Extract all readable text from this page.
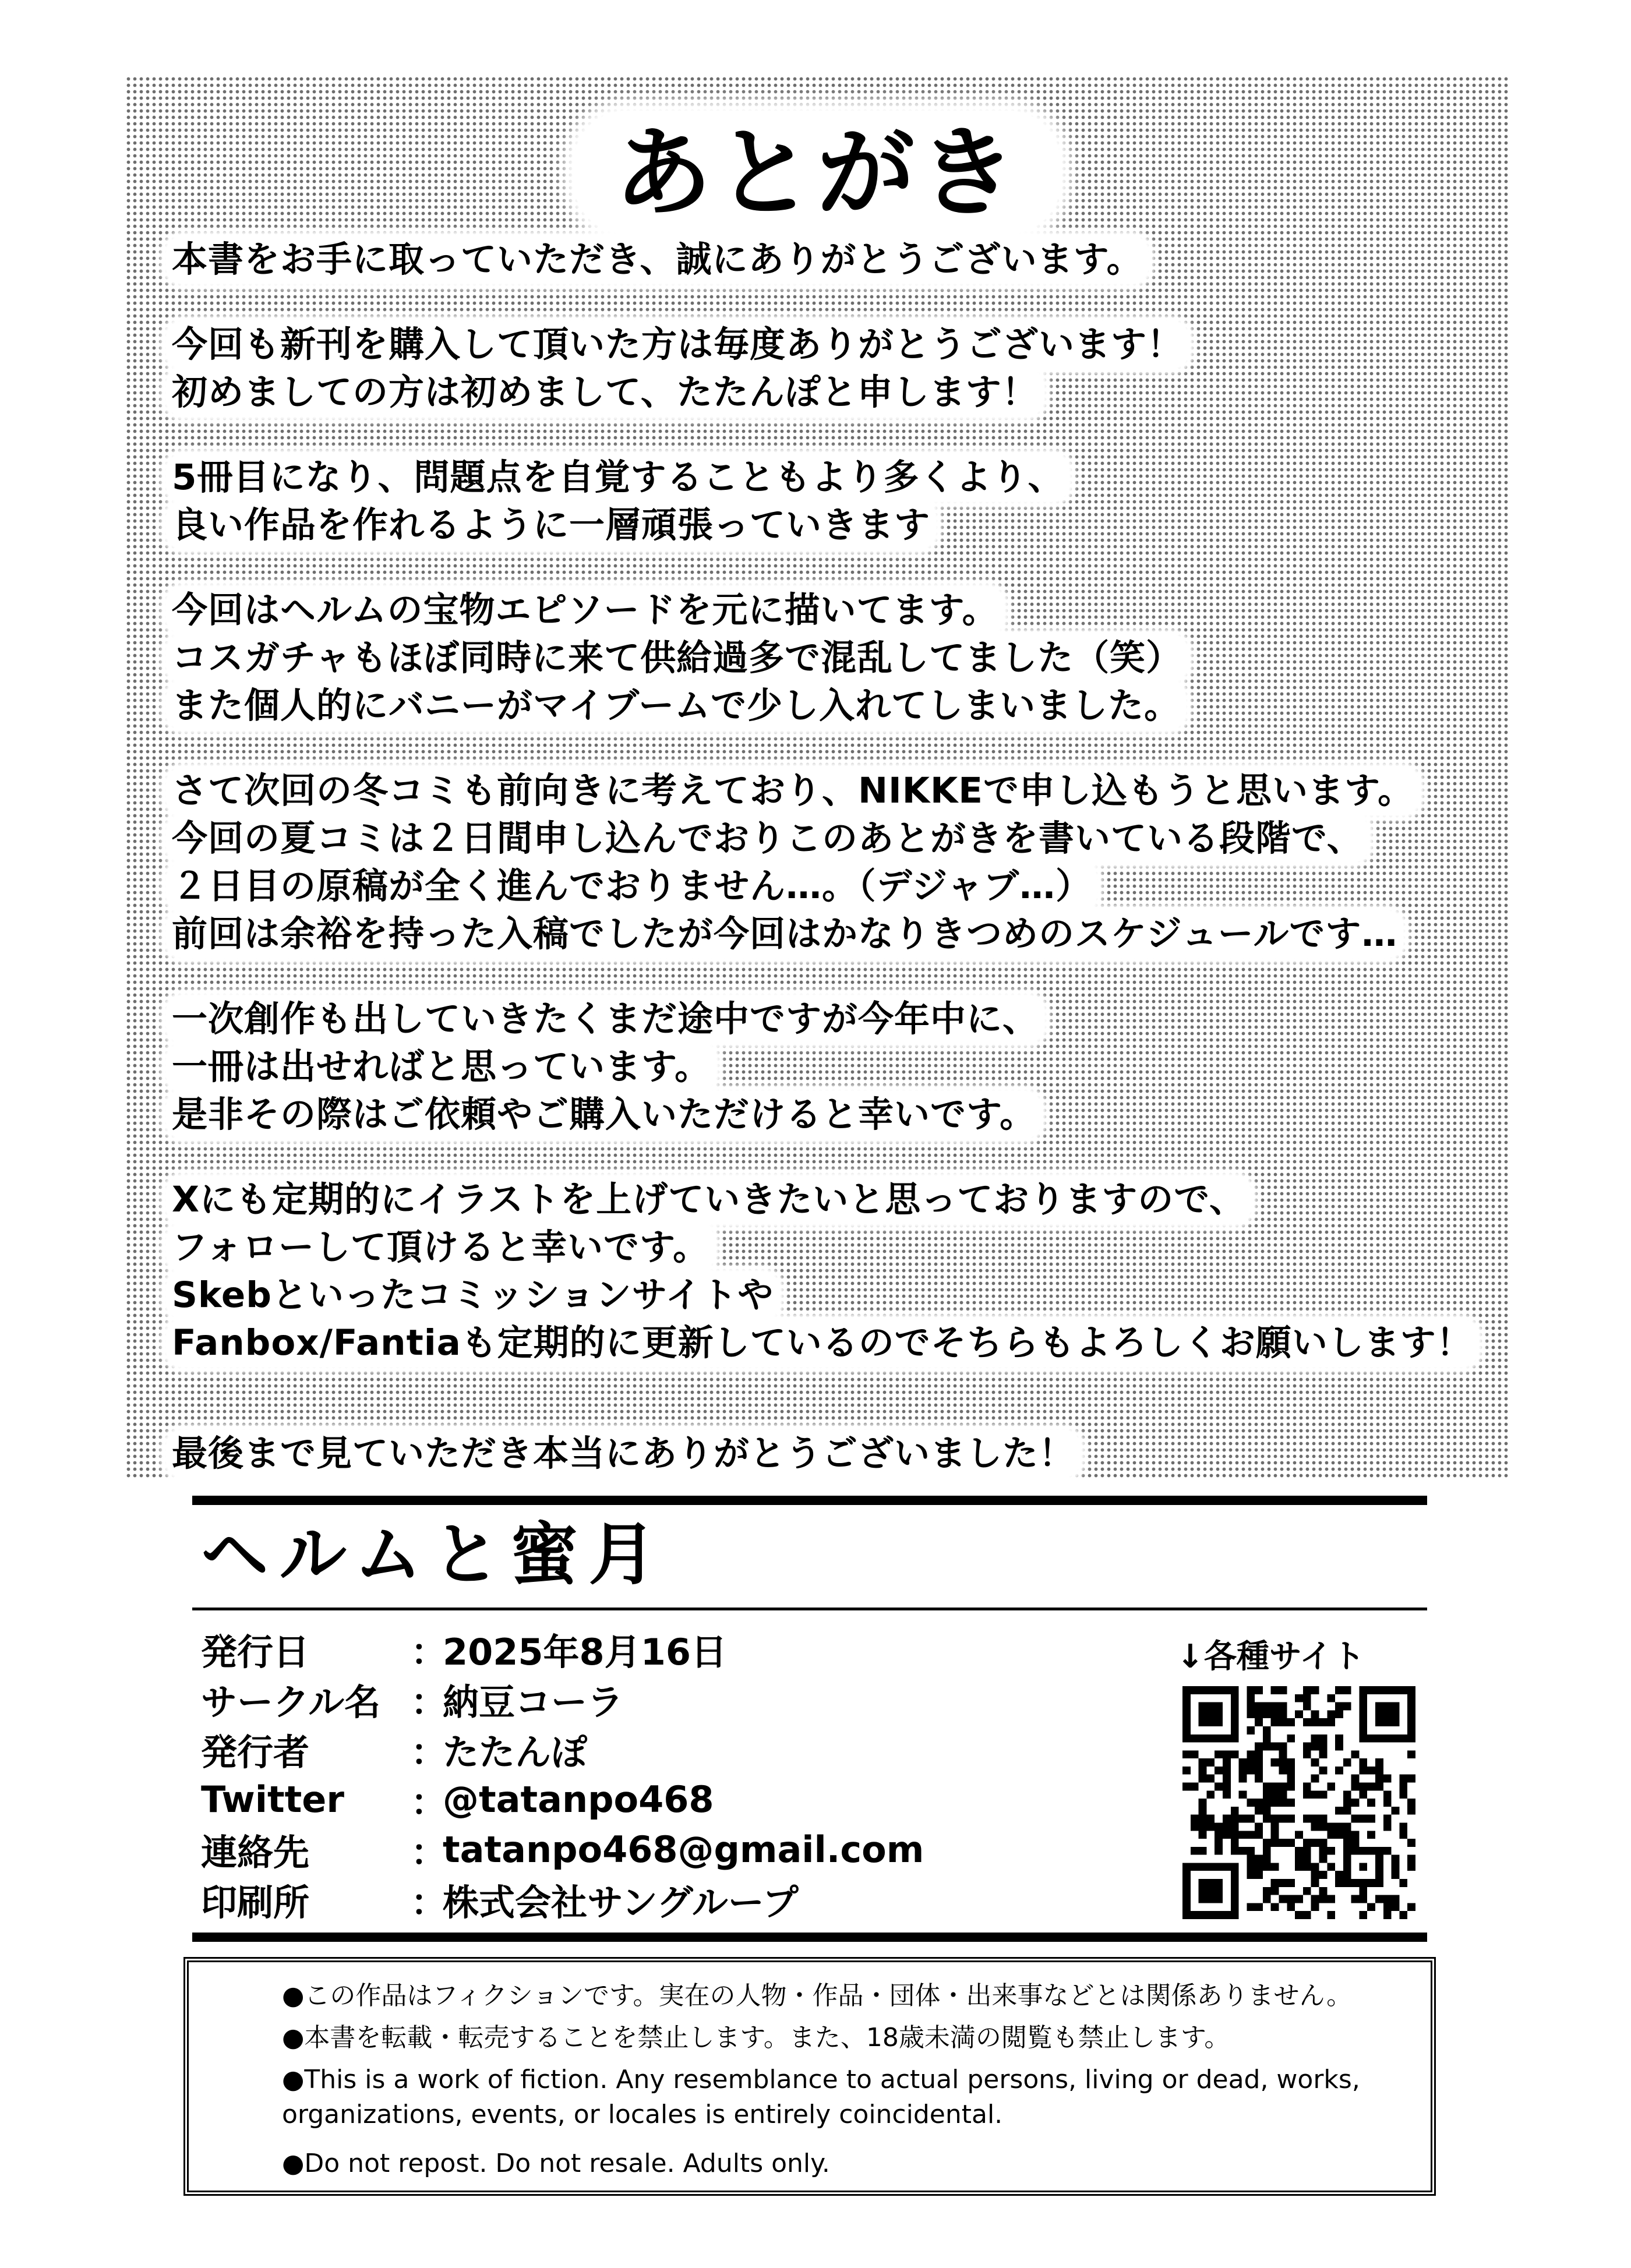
あとがき

本書をお手に取っていただき、誠にありがとうございます。

今回も新刊を購入して頂いた方は毎度ありがとうございます！

初めましての方は初めまして、たたんぽと申します！

5冊目になり、問題点を自覚することもより多くより、

良い作品を作れるように一層頑張っていきます

今回はヘルムの宝物エピソードを元に描いてます。

コスガチャもほぼ同時に来て供給過多で混乱してました（笑）

また個人的にバニーがマイブームで少し入れてしまいました。

さて次回の冬コミも前向きに考えており、NIKKEで申し込もうと思います。

今回の夏コミは２日間申し込んでおりこのあとがきを書いている段階で、

２日目の原稿が全く進んでおりません…。（デジャブ…）

前回は余裕を持った入稿でしたが今回はかなりきつめのスケジュールです…

一次創作も出していきたくまだ途中ですが今年中に、

一冊は出せればと思っています。

是非その際はご依頼やご購入いただけると幸いです。

Xにも定期的にイラストを上げていきたいと思っておりますので、

フォローして頂けると幸いです。

Skebといったコミッションサイトや

Fanbox/Fantiaも定期的に更新しているのでそちらもよろしくお願いします！

最後まで見ていただき本当にありがとうございました！

ヘルムと蜜月
発行日	：
2025年8月16日
サークル名 ：
納豆コーラ
発行者	：
たたんぽ
Twitter	：
@tatanpo468
連絡先	：
tatanpo468@gmail.com
印刷所	：
株式会社サングループ

↓各種サイト

●この作品はフィクションです。実在の人物・作品・団体・出来事などとは関係ありません。
●本書を転載・転売することを禁止します。また、18歳未満の閲覧も禁止します。
●This is a work of fiction. Any resemblance to actual persons, living or dead, works,
organizations, events, or locales is entirely coincidental.
●Do not repost. Do not resale. Adults only.
